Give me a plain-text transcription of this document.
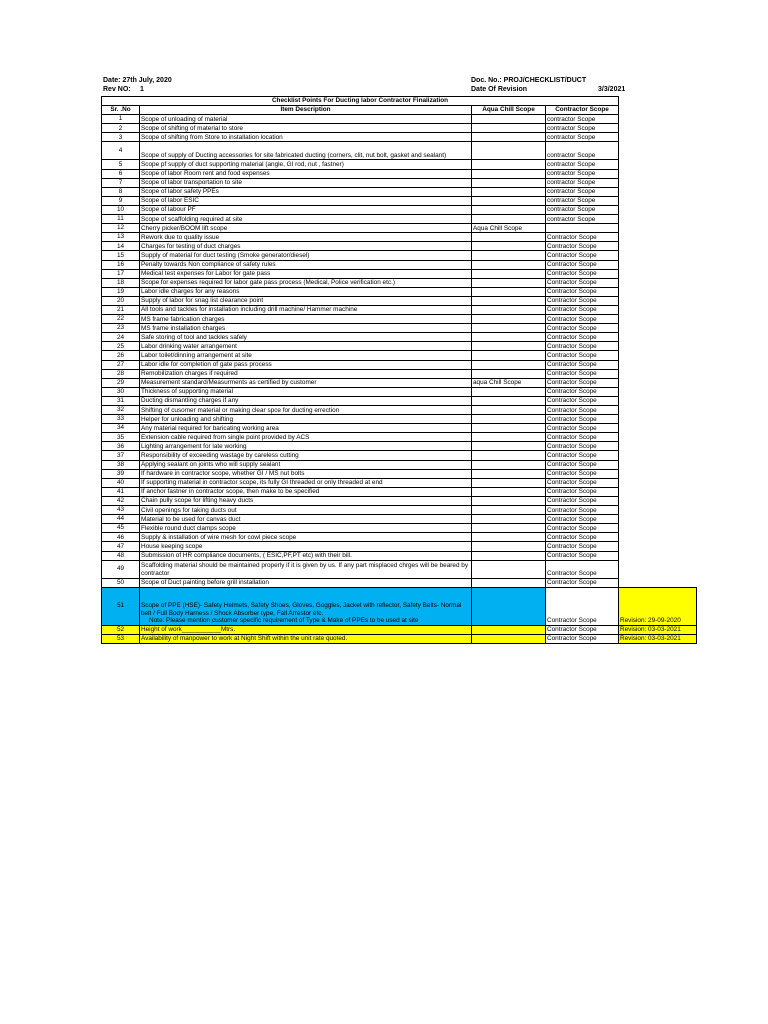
Date: 27th July, 2020
Rev NO: 1
Doc. No.: PROJ/CHECKLIST/DUCT
Date Of Revision	3/3/2021
Checklist Points For Ducting labor Contractor Finalization				
Sr. .No	Item Description	Aqua Chill Scope	Contractor Scope	
1	Scope of unloading of material		contractor Scope	
2	Scope of shifting of material to store		contractor Scope	
3	Scope of shifting from Store to installation location		contractor Scope	
4	Scope of supply of Ducting accessories for site fabricated ducting (corners, clit, nut bolt, gasket and sealant)		contractor Scope	
5	Scope pf supply of duct supporting material (angle, GI rod, nut , fastner)		contractor Scope	
6	Scope of labor Room rent and food expenses		contractor Scope	
7	Scope of labor transportation to site		contractor Scope	
8	Scope of labor safety PPEs		contractor Scope	
9	Scope of labor ESIC		contractor Scope	
10	Scope of labour PF		contractor Scope	
11	Scope of scaffolding required at site		contractor Scope	
12	Cherry picker/BOOM lift scope	Aqua Chill Scope		
13	Rework due to quality issue		Contractor Scope	
14	Charges for testing of duct charges		Contractor Scope	
15	Supply of material for duct testing (Smoke generator/diesel)		Contractor Scope	
16	Penalty towards Non compliance of safety rules		Contractor Scope	
17	Medical test expenses for Labor for gate pass		Contractor Scope	
18	Scope for expenses required for labor gate pass process (Medical, Police verification etc.)		Contractor Scope	
19	Labor idle charges for any reasons		Contractor Scope	
20	Supply of labor for snag list clearance point		Contractor Scope	
21	All tools and tackles for installation including drill machine/ Hammer machine		Contractor Scope	
22	MS frame fabrication charges		Contractor Scope	
23	MS frame installation charges		Contractor Scope	
24	Safe storing of tool and tackles safely		Contractor Scope	
25	Labor drinking water arrangement		Contractor Scope	
26	Labor toilet/dinning arrangement at site		Contractor Scope	
27	Labor idle for completion of gate pass process		Contractor Scope	
28	Remobilization charges if required		Contractor Scope	
29	Measurement standard/Measurments as certified by customer	aqua Chill Scope	Contractor Scope	
30	Thickness of supporting material		Contractor Scope	
31	Ducting dismantling charges if any		Contractor Scope	
32	Shifting of cusomer material or making clear spce for ducting errection		Contractor Scope	
33	Helper for unloading and shifting		Contractor Scope	
34	Any material required for baricating working area		Contractor Scope	
35	Extension cable required from single point provided by ACS		Contractor Scope	
36	Lighting arrangement for late working		Contractor Scope	
37	Responsibility of exceeding wastage by careless cutting		Contractor Scope	
38	Applying sealant on joints who will supply sealant		Contractor Scope	
39	If hardware in contractor scope, whether GI / MS nut bolts		Contractor Scope	
40	If supporting material in contractor scope, its fully GI threaded or only threaded at end		Contractor Scope	
41	If anchor fastner in contractor scope, then make to be specified		Contractor Scope	
42	Chain pully scope for lifting heavy ducts		Contractor Scope	
43	Civil openings for taking ducts out		Contractor Scope	
44	Material to be used for canvas duct		Contractor Scope	
45	Flexible round duct clamps scope		Contractor Scope	
46	Supply & installation of wire mesh for cowl piece scope		Contractor Scope	
47	House keeping scope		Contractor Scope	
48	Submission of HR compliance documents, ( ESIC,PF,PT etc) with their bill.		Contractor Scope	
49	Scaffolding material should be maintained properly if it is given by us. If any part misplaced chrges will be beared by contractor		Contractor Scope	
50	Scope of Duct painting before grill installation		Contractor Scope	
51	Scope of PPE (HSE)- Safety Helmets, Safety Shoes, Gloves, Goggles, Jacket with reflector, Safety Belts- Normal belt / Full Body Harness / Shock Absorber type, Fall Arrestor etc.
Note: Please mention customer specific requirement of Type & Make of PPEs to be used at site		Contractor Scope	Revision: 29-09-2020
52	Height of work___________Mtrs.		Contractor Scope	Revision: 03-03-2021
53	Availability of manpower to work at Night Shift within the unit rate quoted.		Contractor Scope	Revision: 03-03-2021
